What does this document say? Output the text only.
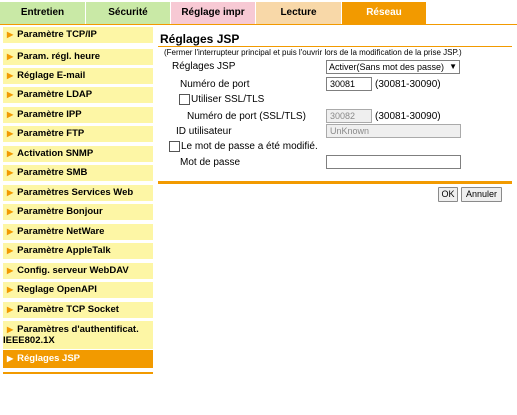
Entretien	Sécurité	Réglage impr	Lecture	Réseau
▶ Paramètre TCP/IP
▶ Param. régl. heure
▶ Réglage E-mail
▶ Paramètre LDAP
▶ Paramètre IPP
▶ Paramètre FTP
▶ Activation SNMP
▶ Paramètre SMB
▶ Paramètres Services Web
▶ Paramètre Bonjour
▶ Paramètre NetWare
▶ Paramètre AppleTalk
▶ Config. serveur WebDAV
▶ Reglage OpenAPI
▶ Paramètre TCP Socket
▶ Paramètres d'authentificat.
IEEE802.1X
▶ Réglages JSP
Réglages JSP
(Fermer l'interrupteur principal et puis l'ouvrir lors de la modification de la prise JSP.)
Réglages JSP	Activer(Sans mot des passe) ▼
Numéro de port	30081	(30081-30090)
Utiliser SSL/TLS
Numéro de port (SSL/TLS)	30082	(30081-30090)
ID utilisateur	UnKnown
Le mot de passe a été modifié.
Mot de passe
OK	Annuler
